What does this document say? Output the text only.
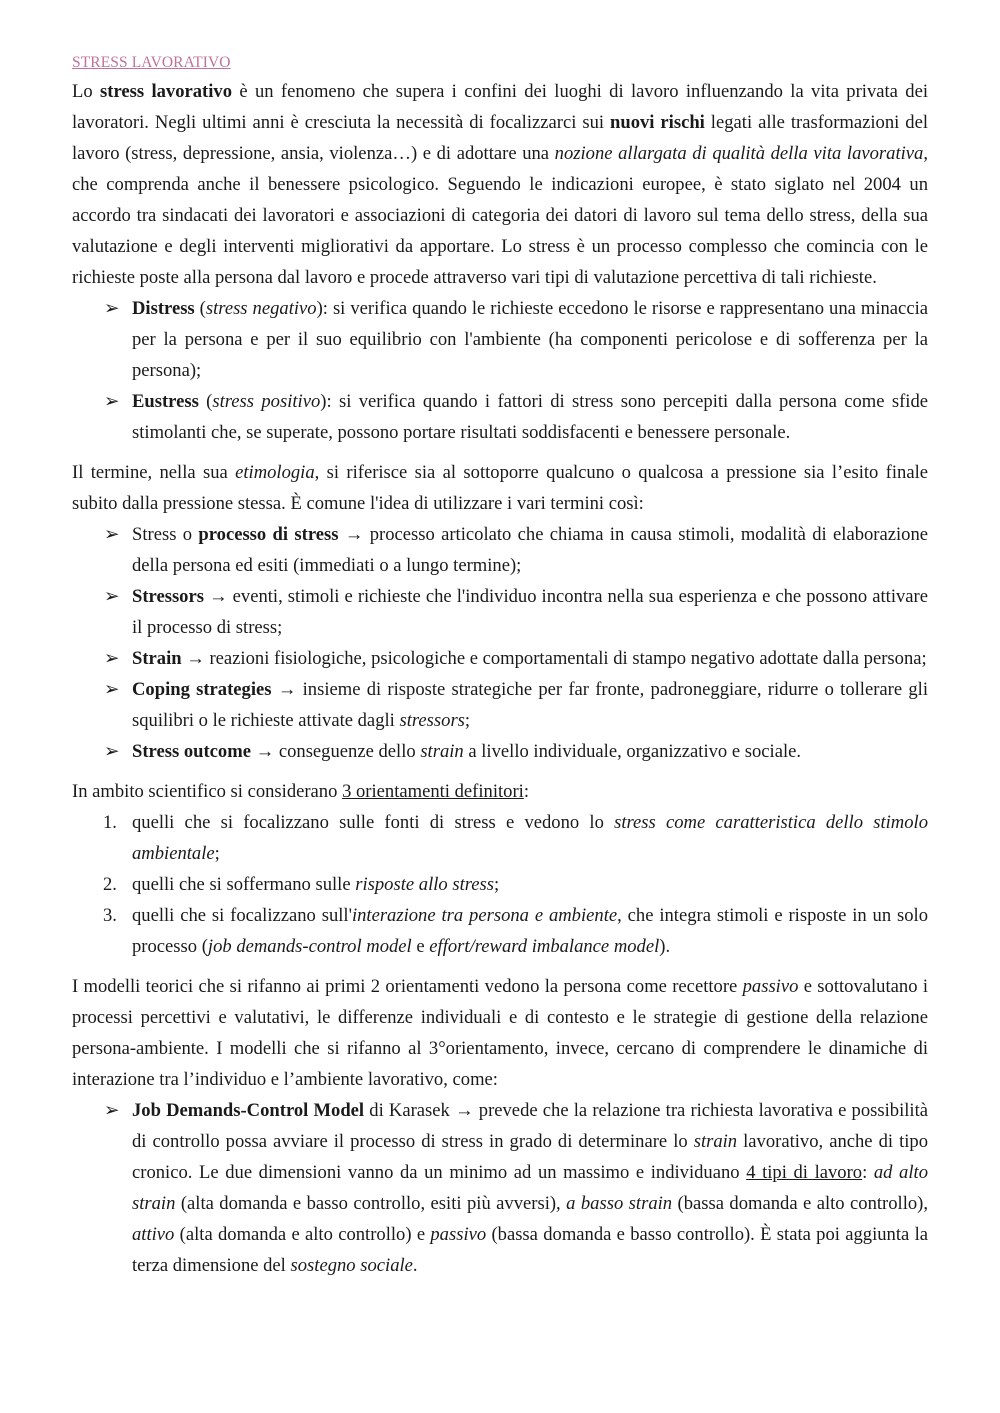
STRESS LAVORATIVO

Lo stress lavorativo è un fenomeno che supera i confini dei luoghi di lavoro influenzando la vita privata dei lavoratori. Negli ultimi anni è cresciuta la necessità di focalizzarci sui nuovi rischi legati alle trasformazioni del lavoro (stress, depressione, ansia, violenza…) e di adottare una nozione allargata di qualità della vita lavorativa, che comprenda anche il benessere psicologico. Seguendo le indicazioni europee, è stato siglato nel 2004 un accordo tra sindacati dei lavoratori e associazioni di categoria dei datori di lavoro sul tema dello stress, della sua valutazione e degli interventi migliorativi da apportare. Lo stress è un processo complesso che comincia con le richieste poste alla persona dal lavoro e procede attraverso vari tipi di valutazione percettiva di tali richieste.

➢ Distress (stress negativo): si verifica quando le richieste eccedono le risorse e rappresentano una minaccia per la persona e per il suo equilibrio con l'ambiente (ha componenti pericolose e di sofferenza per la persona);
➢ Eustress (stress positivo): si verifica quando i fattori di stress sono percepiti dalla persona come sfide stimolanti che, se superate, possono portare risultati soddisfacenti e benessere personale.

Il termine, nella sua etimologia, si riferisce sia al sottoporre qualcuno o qualcosa a pressione sia l’esito finale subito dalla pressione stessa. È comune l'idea di utilizzare i vari termini così:

➢ Stress o processo di stress → processo articolato che chiama in causa stimoli, modalità di elaborazione della persona ed esiti (immediati o a lungo termine);
➢ Stressors → eventi, stimoli e richieste che l'individuo incontra nella sua esperienza e che possono attivare il processo di stress;
➢ Strain → reazioni fisiologiche, psicologiche e comportamentali di stampo negativo adottate dalla persona;
➢ Coping strategies → insieme di risposte strategiche per far fronte, padroneggiare, ridurre o tollerare gli squilibri o le richieste attivate dagli stressors;
➢ Stress outcome → conseguenze dello strain a livello individuale, organizzativo e sociale.

In ambito scientifico si considerano 3 orientamenti definitori:

1. quelli che si focalizzano sulle fonti di stress e vedono lo stress come caratteristica dello stimolo ambientale;
2. quelli che si soffermano sulle risposte allo stress;
3. quelli che si focalizzano sull'interazione tra persona e ambiente, che integra stimoli e risposte in un solo processo (job demands-control model e effort/reward imbalance model).

I modelli teorici che si rifanno ai primi 2 orientamenti vedono la persona come recettore passivo e sottovalutano i processi percettivi e valutativi, le differenze individuali e di contesto e le strategie di gestione della relazione persona-ambiente. I modelli che si rifanno al 3°orientamento, invece, cercano di comprendere le dinamiche di interazione tra l’individuo e l’ambiente lavorativo, come:

➢ Job Demands-Control Model di Karasek → prevede che la relazione tra richiesta lavorativa e possibilità di controllo possa avviare il processo di stress in grado di determinare lo strain lavorativo, anche di tipo cronico. Le due dimensioni vanno da un minimo ad un massimo e individuano 4 tipi di lavoro: ad alto strain (alta domanda e basso controllo, esiti più avversi), a basso strain (bassa domanda e alto controllo), attivo (alta domanda e alto controllo) e passivo (bassa domanda e basso controllo). È stata poi aggiunta la terza dimensione del sostegno sociale.
